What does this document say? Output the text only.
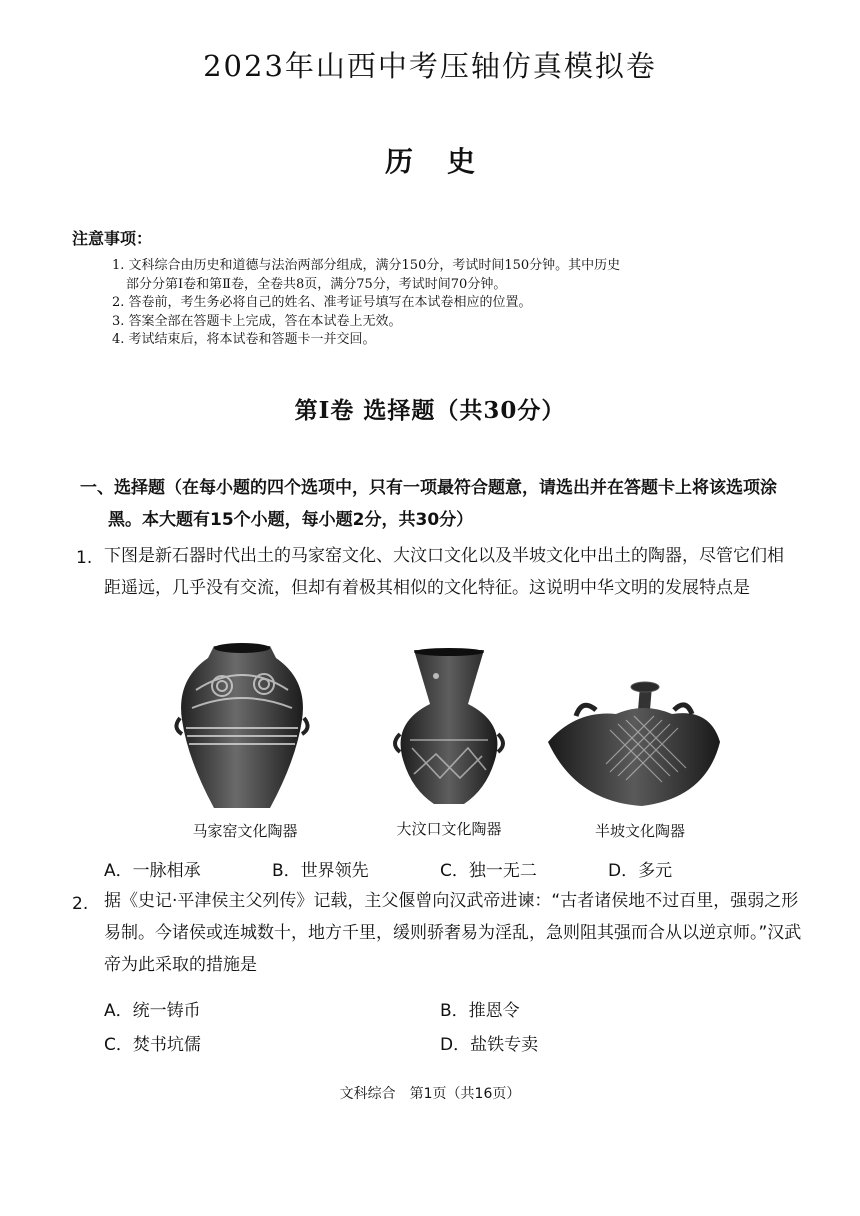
2023年山西中考压轴仿真模拟卷
历史
注意事项：
1. 文科综合由历史和道德与法治两部分组成，满分150分，考试时间150分钟。其中历史
部分分第Ⅰ卷和第Ⅱ卷，全卷共8页，满分75分，考试时间70分钟。
2. 答卷前，考生务必将自己的姓名、准考证号填写在本试卷相应的位置。
3. 答案全部在答题卡上完成，答在本试卷上无效。
4. 考试结束后，将本试卷和答题卡一并交回。
第Ⅰ卷 选择题（共30分）
一、选择题（在每小题的四个选项中，只有一项最符合题意，请选出并在答题卡上将该选项涂黑。本大题有15个小题，每小题2分，共30分）
1. 下图是新石器时代出土的马家窑文化、大汶口文化以及半坡文化中出土的陶器，尽管它们相距遥远，几乎没有交流，但却有着极其相似的文化特征。这说明中华文明的发展特点是
马家窑文化陶器	大汶口文化陶器	半坡文化陶器
A．一脉相承	B．世界领先	C．独一无二	D．多元
2. 据《史记·平津侯主父列传》记载，主父偃曾向汉武帝进谏：“古者诸侯地不过百里，强弱之形易制。今诸侯或连城数十，地方千里，缓则骄奢易为淫乱，急则阻其强而合从以逆京师。”汉武帝为此采取的措施是
A．统一铸币	B．推恩令
C．焚书坑儒	D．盐铁专卖
文科综合　第1页（共16页）
